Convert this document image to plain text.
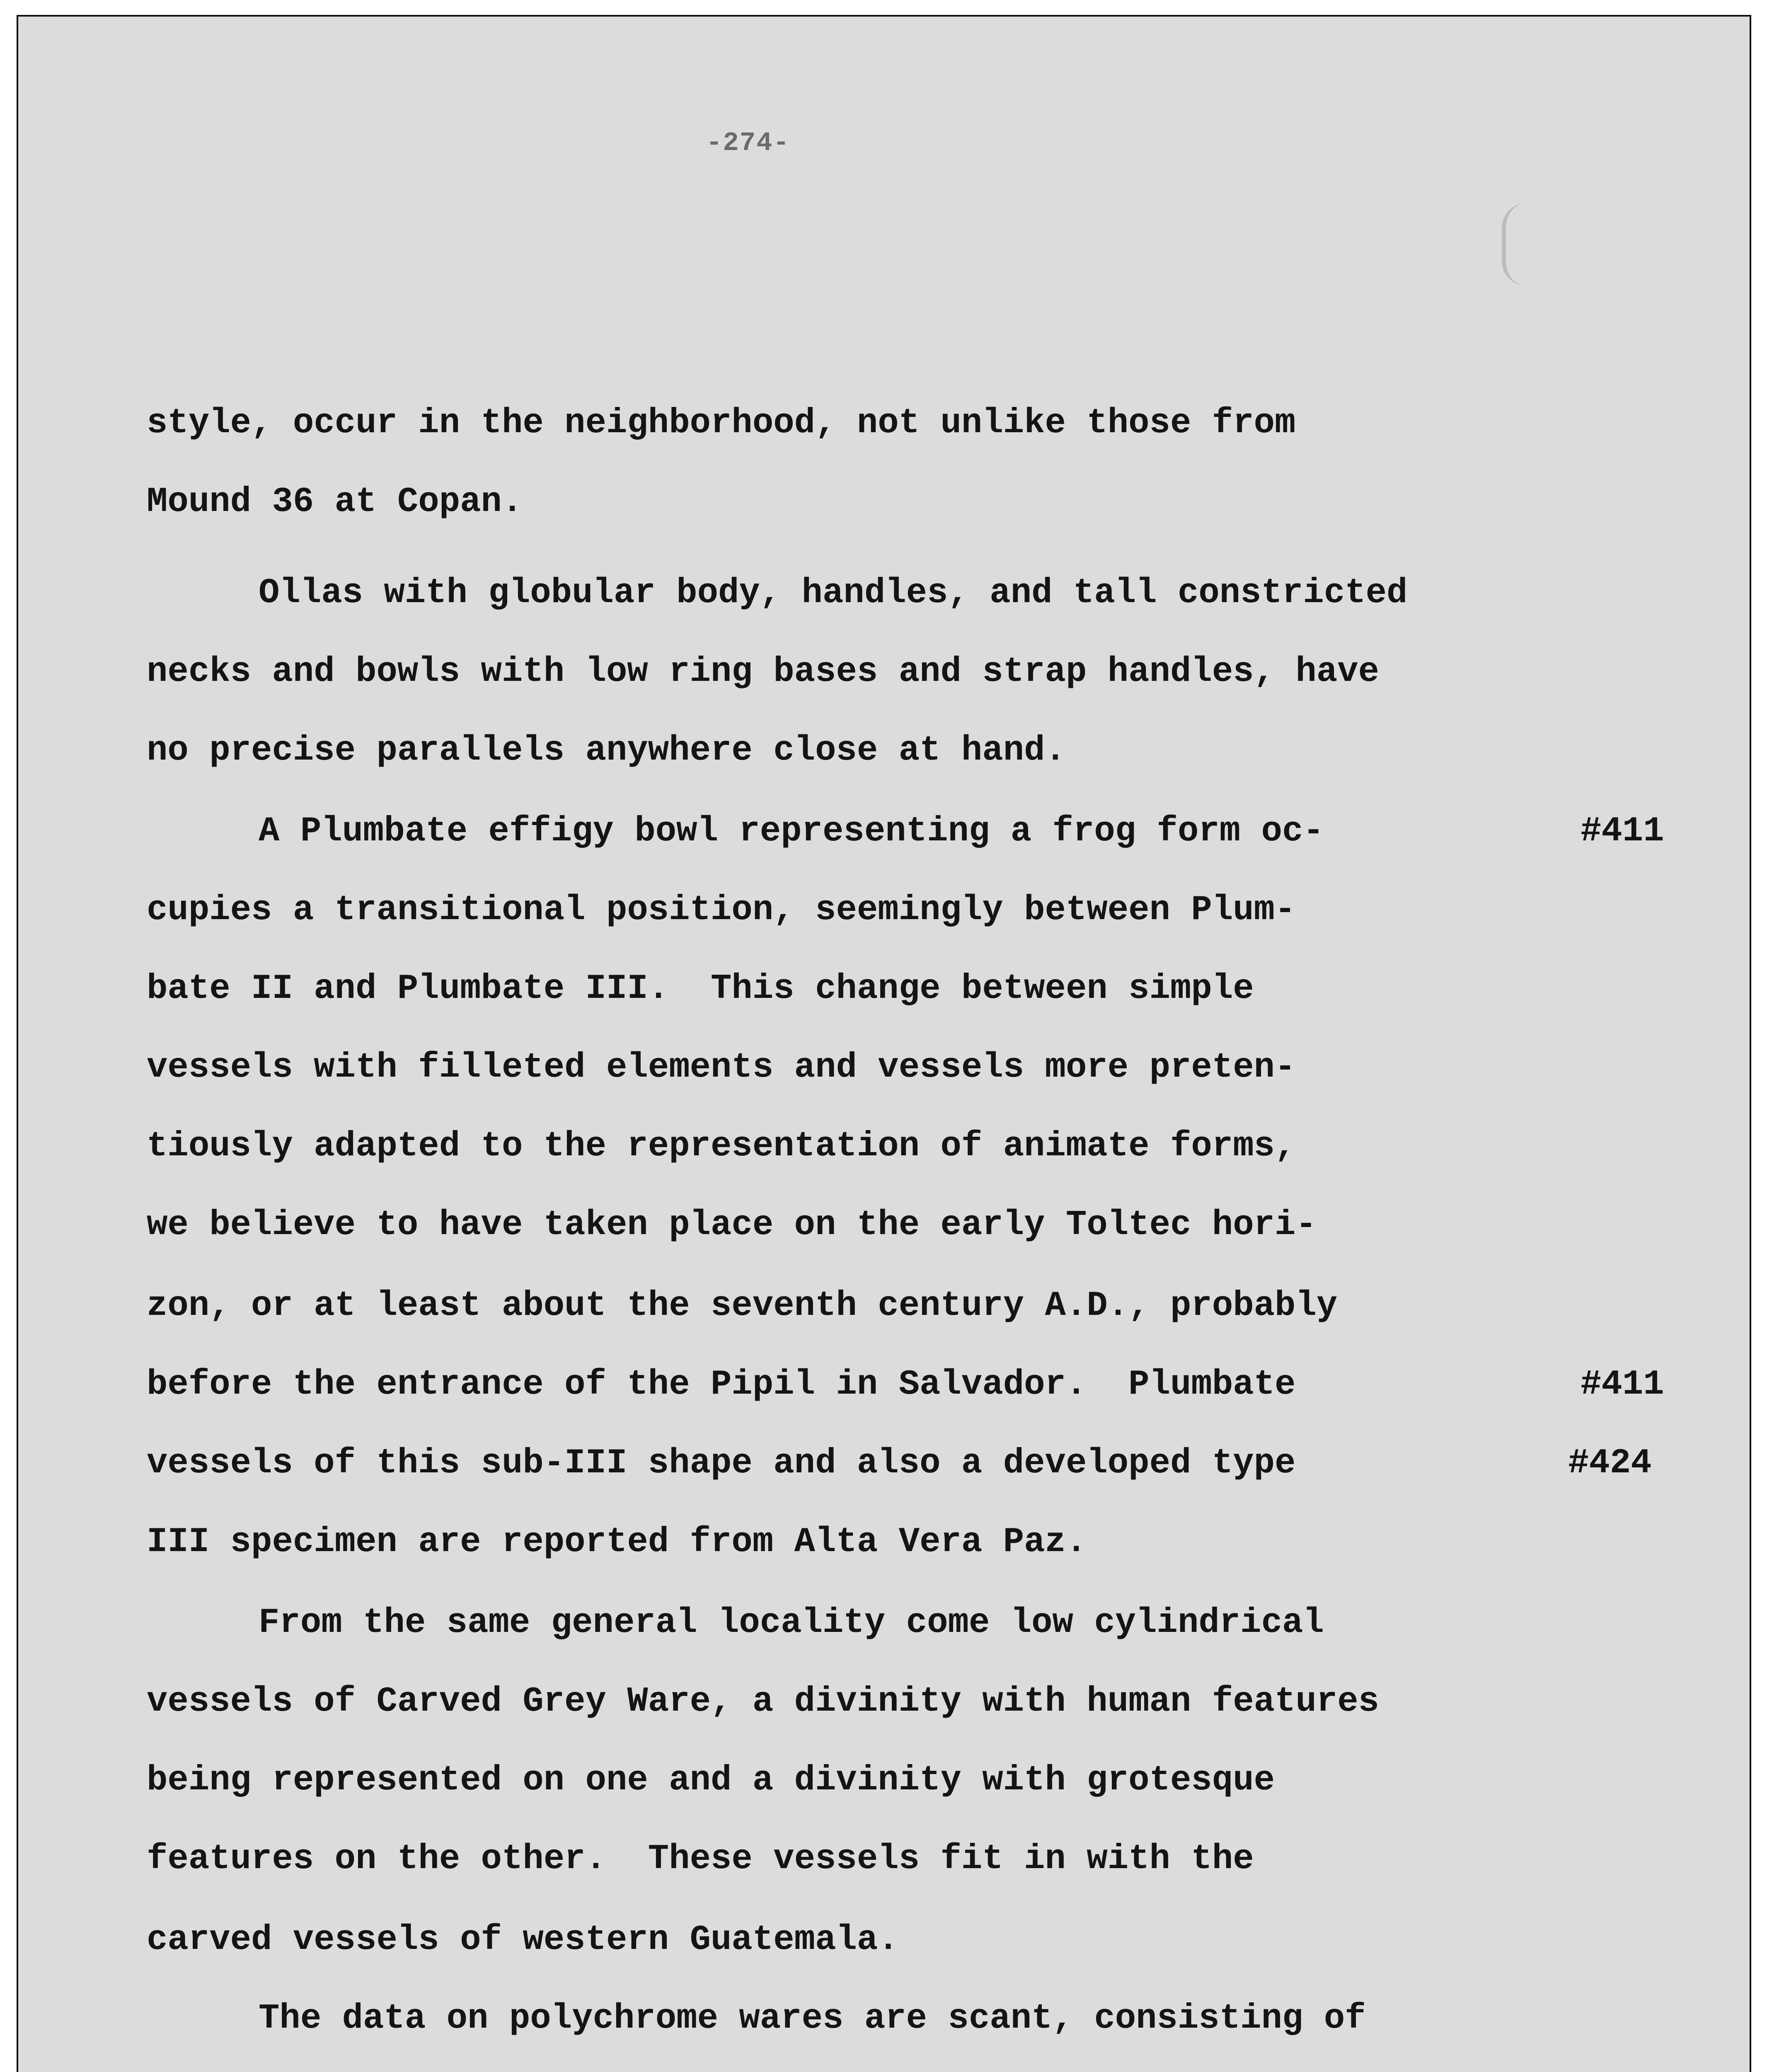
-274-
style, occur in the neighborhood, not unlike those from
Mound 36 at Copan.
Ollas with globular body, handles, and tall constricted
necks and bowls with low ring bases and strap handles, have
no precise parallels anywhere close at hand.
A Plumbate effigy bowl representing a frog form oc-
cupies a transitional position, seemingly between Plum-
bate II and Plumbate III.  This change between simple
vessels with filleted elements and vessels more preten-
tiously adapted to the representation of animate forms,
we believe to have taken place on the early Toltec hori-
zon, or at least about the seventh century A.D., probably
before the entrance of the Pipil in Salvador.  Plumbate
vessels of this sub-III shape and also a developed type
III specimen are reported from Alta Vera Paz.
From the same general locality come low cylindrical
vessels of Carved Grey Ware, a divinity with human features
being represented on one and a divinity with grotesque
features on the other.  These vessels fit in with the
carved vessels of western Guatemala.
The data on polychrome wares are scant, consisting of
#411
#411
#424
